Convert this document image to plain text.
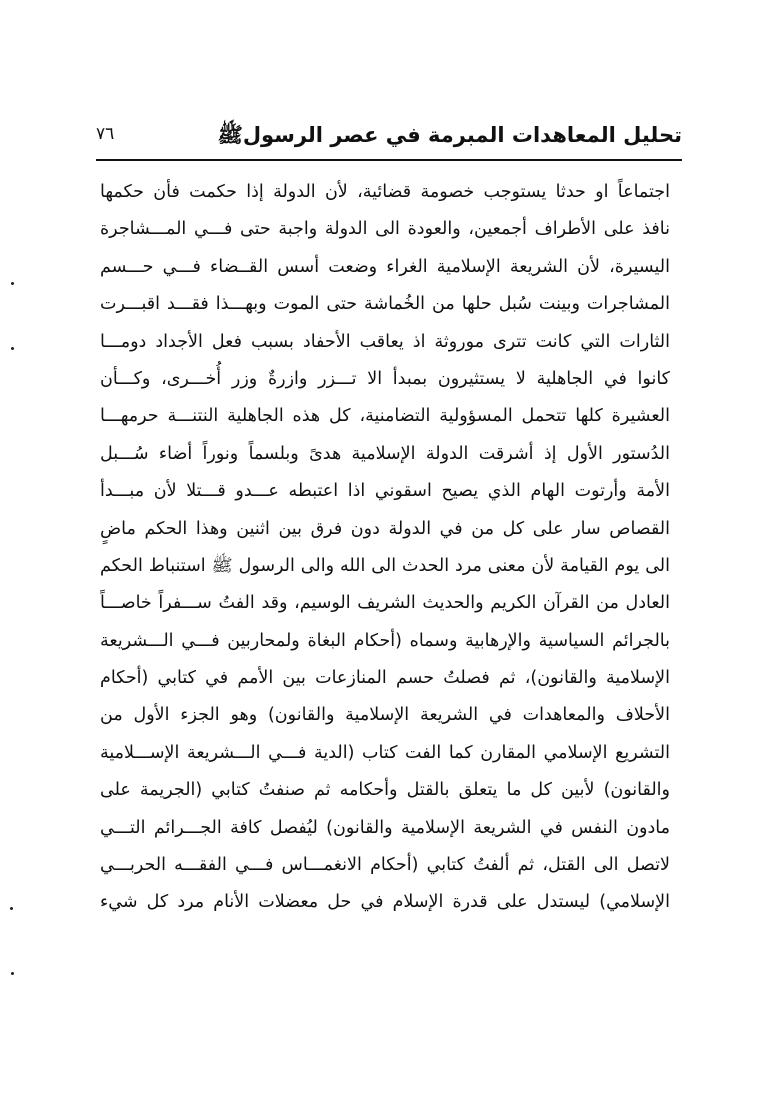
تحليل المعاهدات المبرمة في عصر الرسولﷺ
٧٦
اجتماعاً او حدثا يستوجب خصومة قضائية، لأن الدولة إذا حكمت فأن حكمها
نافذ على الأطراف أجمعين، والعودة الى الدولة واجبة حتى فـــي المـــشاجرة
اليسيرة، لأن الشريعة الإسلامية الغراء وضعت أسس القــضاء فـــي حـــسم
المشاجرات وبينت سُبل حلها من الخُماشة حتى الموت وبهـــذا فقـــد اقبـــرت
الثارات التي كانت تترى موروثة اذ يعاقب الأحفاد بسبب فعل الأجداد دومـــا
كانوا في الجاهلية لا يستثيرون بمبدأ الا تـــزر وازرةٌ وزر أُخـــرى، وكـــأن
العشيرة كلها تتحمل المسؤولية التضامنية، كل هذه الجاهلية النتنـــة حرمهـــا
الدُستور الأول إذ أشرقت الدولة الإسلامية هدىً وبلسماً ونوراً أضاء سُـــبل
الأمة وأرتوت الهام الذي يصيح اسقوني اذا اعتبطه عـــدو قـــتلا لأن مبـــدأ
القصاص سار على كل من في الدولة دون فرق بين اثنين وهذا الحكم ماضٍ
الى يوم القيامة لأن معنى مرد الحدث الى الله والى الرسول ﷺ استنباط الحكم
العادل من القرآن الكريم والحديث الشريف الوسيم، وقد الفتُ ســـفراً خاصـــاً
بالجرائم السياسية والإرهابية وسماه (أحكام البغاة ولمحاربين فـــي الـــشريعة
الإسلامية والقانون)، ثم فصلتُ حسم المنازعات بين الأمم في كتابي (أحكام
الأحلاف والمعاهدات في الشريعة الإسلامية والقانون) وهو الجزء الأول من
التشريع الإسلامي المقارن كما الفت كتاب (الدية فـــي الـــشريعة الإســـلامية
والقانون) لأبين كل ما يتعلق بالقتل وأحكامه ثم صنفتُ كتابي (الجريمة على
مادون النفس في الشريعة الإسلامية والقانون) ليُفصل كافة الجـــرائم التـــي
لاتصل الى القتل، ثم ألفتُ كتابي (أحكام الانغمـــاس فـــي الفقـــه الحربـــي
الإسلامي) ليستدل على قدرة الإسلام في حل معضلات الأنام مرد كل شيء
